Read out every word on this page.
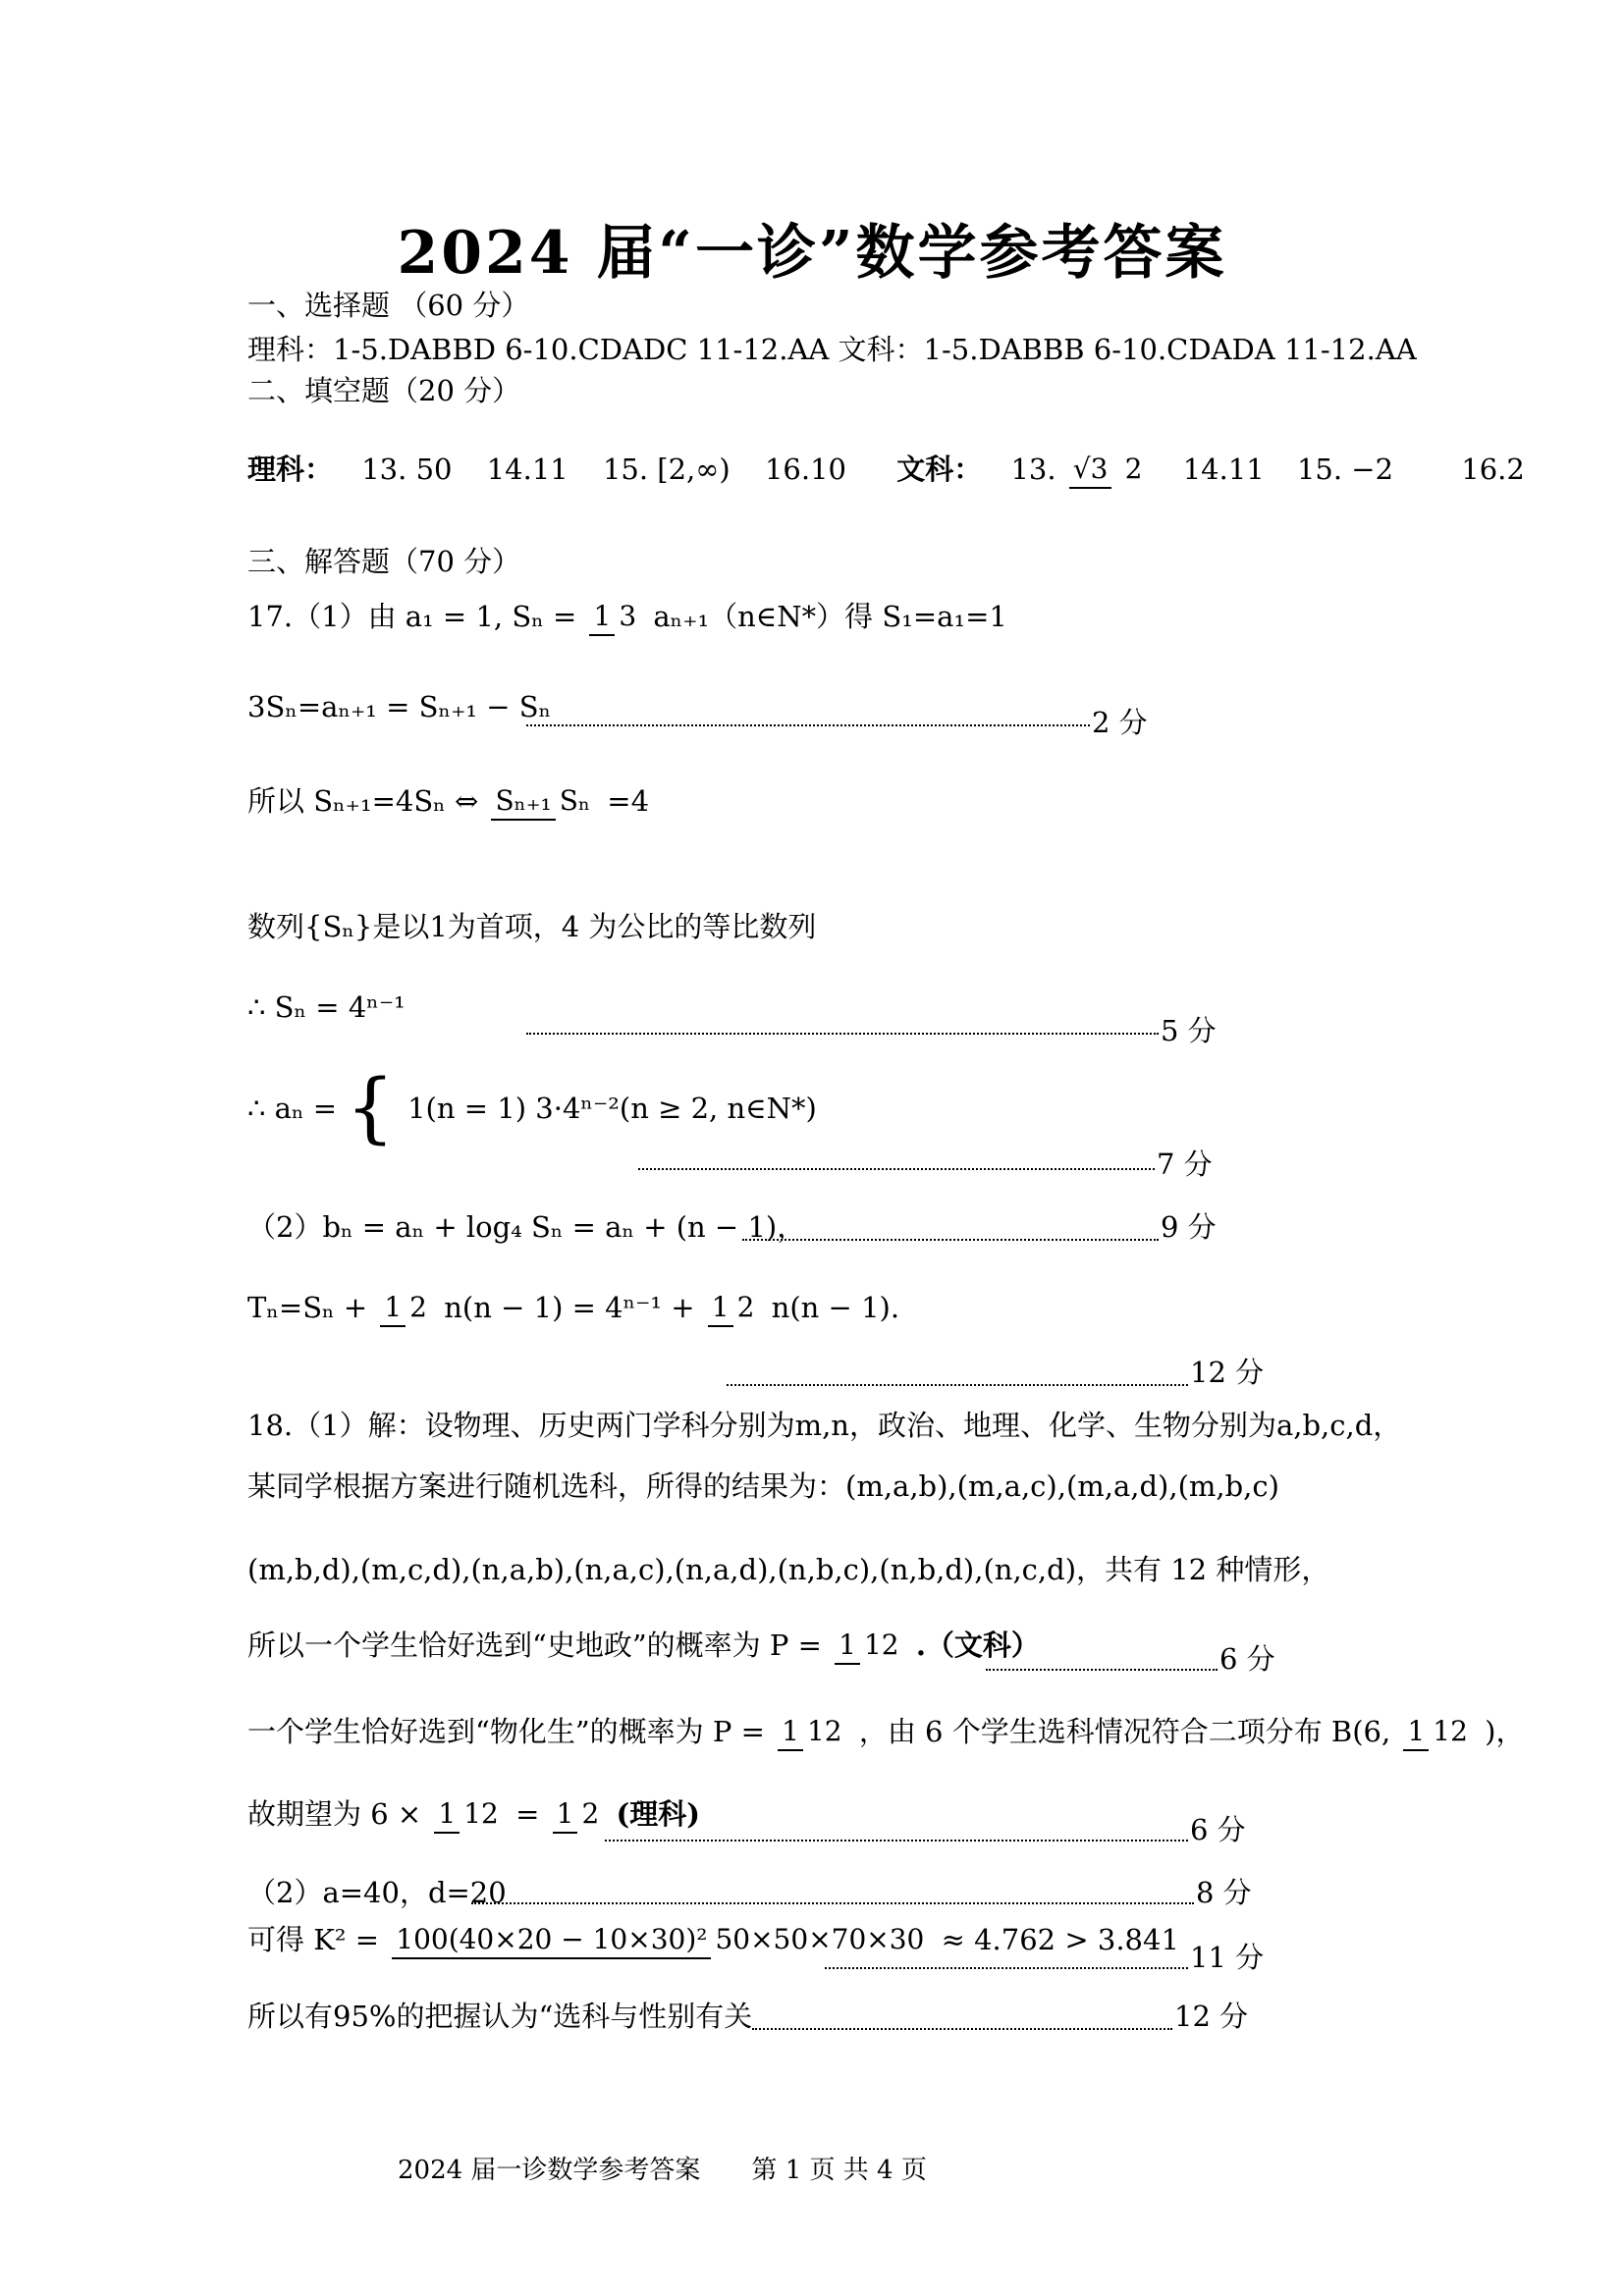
2024 届“一诊”数学参考答案
一、选择题 （60 分）
理科：1-5.DABBD 6-10.CDADC 11-12.AA 文科：1-5.DABBB 6-10.CDADA 11-12.AA
二、填空题（20 分）
理科： 13. 50 14.11 15. [2,∞) 16.10 文科： 13. √3 2 14.11 15. −2 16.2
三、解答题（70 分）
17.（1）由 a₁ = 1, Sₙ = 1 3 aₙ₊₁（n∈N*）得 S₁=a₁=1
3Sₙ=aₙ₊₁ = Sₙ₊₁ − Sₙ	2 分
所以 Sₙ₊₁=4Sₙ ⇔ Sₙ₊₁ Sₙ =4
数列{Sₙ}是以1为首项，4 为公比的等比数列
∴ Sₙ = 4ⁿ⁻¹
5 分
∴ aₙ = { 1(n = 1) 3·4ⁿ⁻²(n ≥ 2, n∈N*)
7 分
（2）bₙ = aₙ + log₄ Sₙ = aₙ + (n − 1)，	9 分
Tₙ=Sₙ + 1 2 n(n − 1) = 4ⁿ⁻¹ + 1 2 n(n − 1).
12 分
18.（1）解：设物理、历史两门学科分别为m,n，政治、地理、化学、生物分别为a,b,c,d，
某同学根据方案进行随机选科，所得的结果为：(m,a,b),(m,a,c),(m,a,d),(m,b,c)
(m,b,d),(m,c,d),(n,a,b),(n,a,c),(n,a,d),(n,b,c),(n,b,d),(n,c,d)，共有 12 种情形，
所以一个学生恰好选到“史地政”的概率为 P = 1 12 .（文科）	6 分
一个学生恰好选到“物化生”的概率为 P = 1 12 ，由 6 个学生选科情况符合二项分布 B(6, 1 12 )，
故期望为 6 × 1 12 = 1 2 (理科)	6 分
（2）a=40，d=20	8 分
可得 K² = 100(40×20 − 10×30)² 50×50×70×30 ≈ 4.762 > 3.841
11 分
所以有95%的把握认为“选科与性别有关	12 分
2024 届一诊数学参考答案　　第 1 页 共 4 页
